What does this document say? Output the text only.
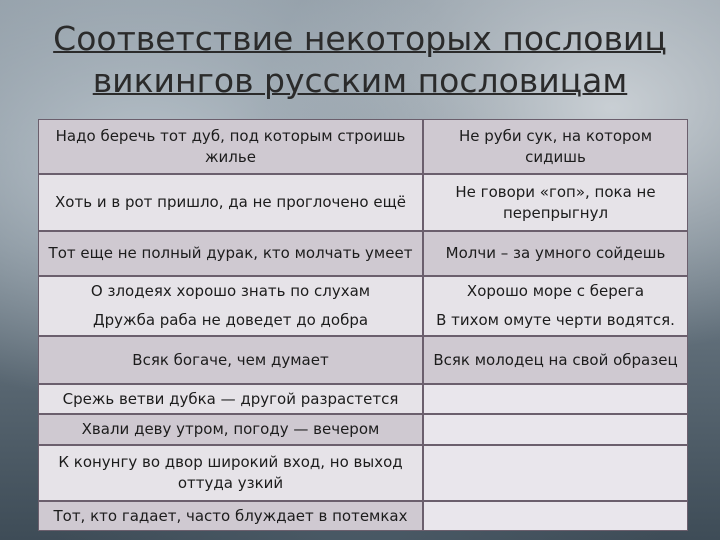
Соответствие некоторых пословиц
викингов русским пословицам
Надо беречь тот дуб, под которым строишь жилье
Не руби сук, на котором сидишь
Хоть и в рот пришло, да не проглочено ещё
Не говори «гоп», пока не перепрыгнул
Тот еще не полный дурак, кто молчать умеет Молчи – за умного сойдешь
О злодеях хорошо знать по слухам
Дружба раба не доведет до добра
Хорошо море с берега
В тихом омуте черти водятся.
Всяк богаче, чем думает	Всяк молодец на свой образец
Срежь ветви дубка — другой разрастется
Хвали деву утром, погоду — вечером
К конунгу во двор широкий вход, но выход оттуда узкий
Тот, кто гадает, часто блуждает в потемках
